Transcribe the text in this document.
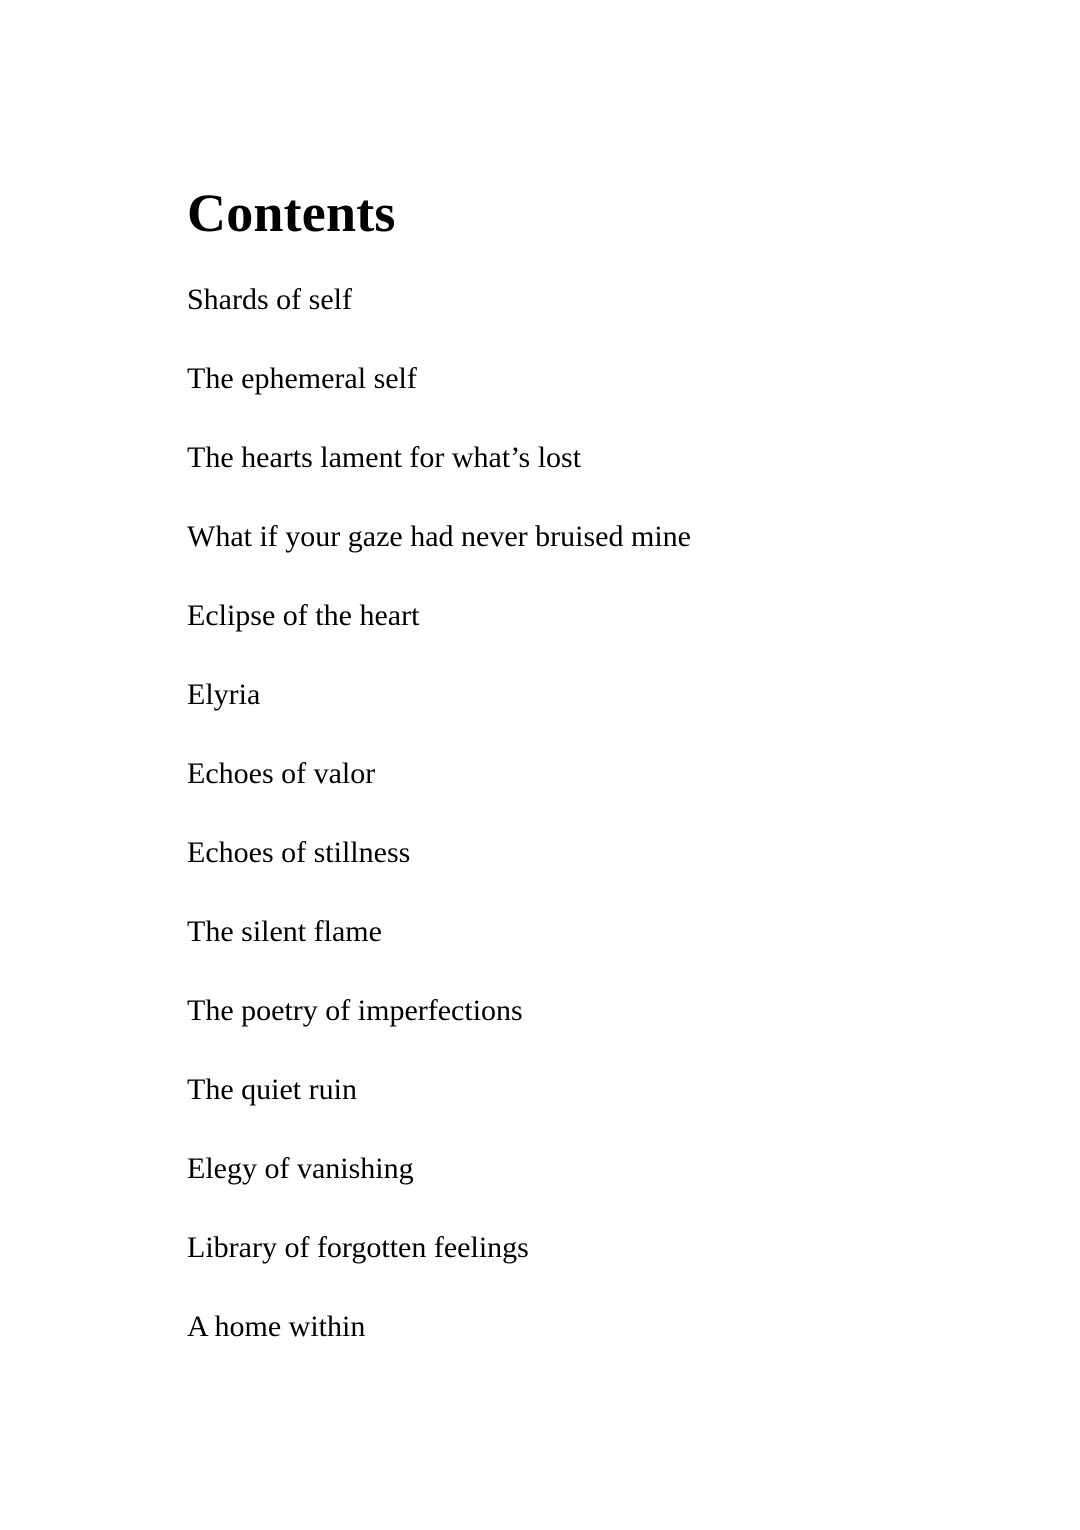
Contents
Shards of self
The ephemeral self
The hearts lament for what’s lost
What if your gaze had never bruised mine
Eclipse of the heart
Elyria
Echoes of valor
Echoes of stillness
The silent flame
The poetry of imperfections
The quiet ruin
Elegy of vanishing
Library of forgotten feelings
A home within
